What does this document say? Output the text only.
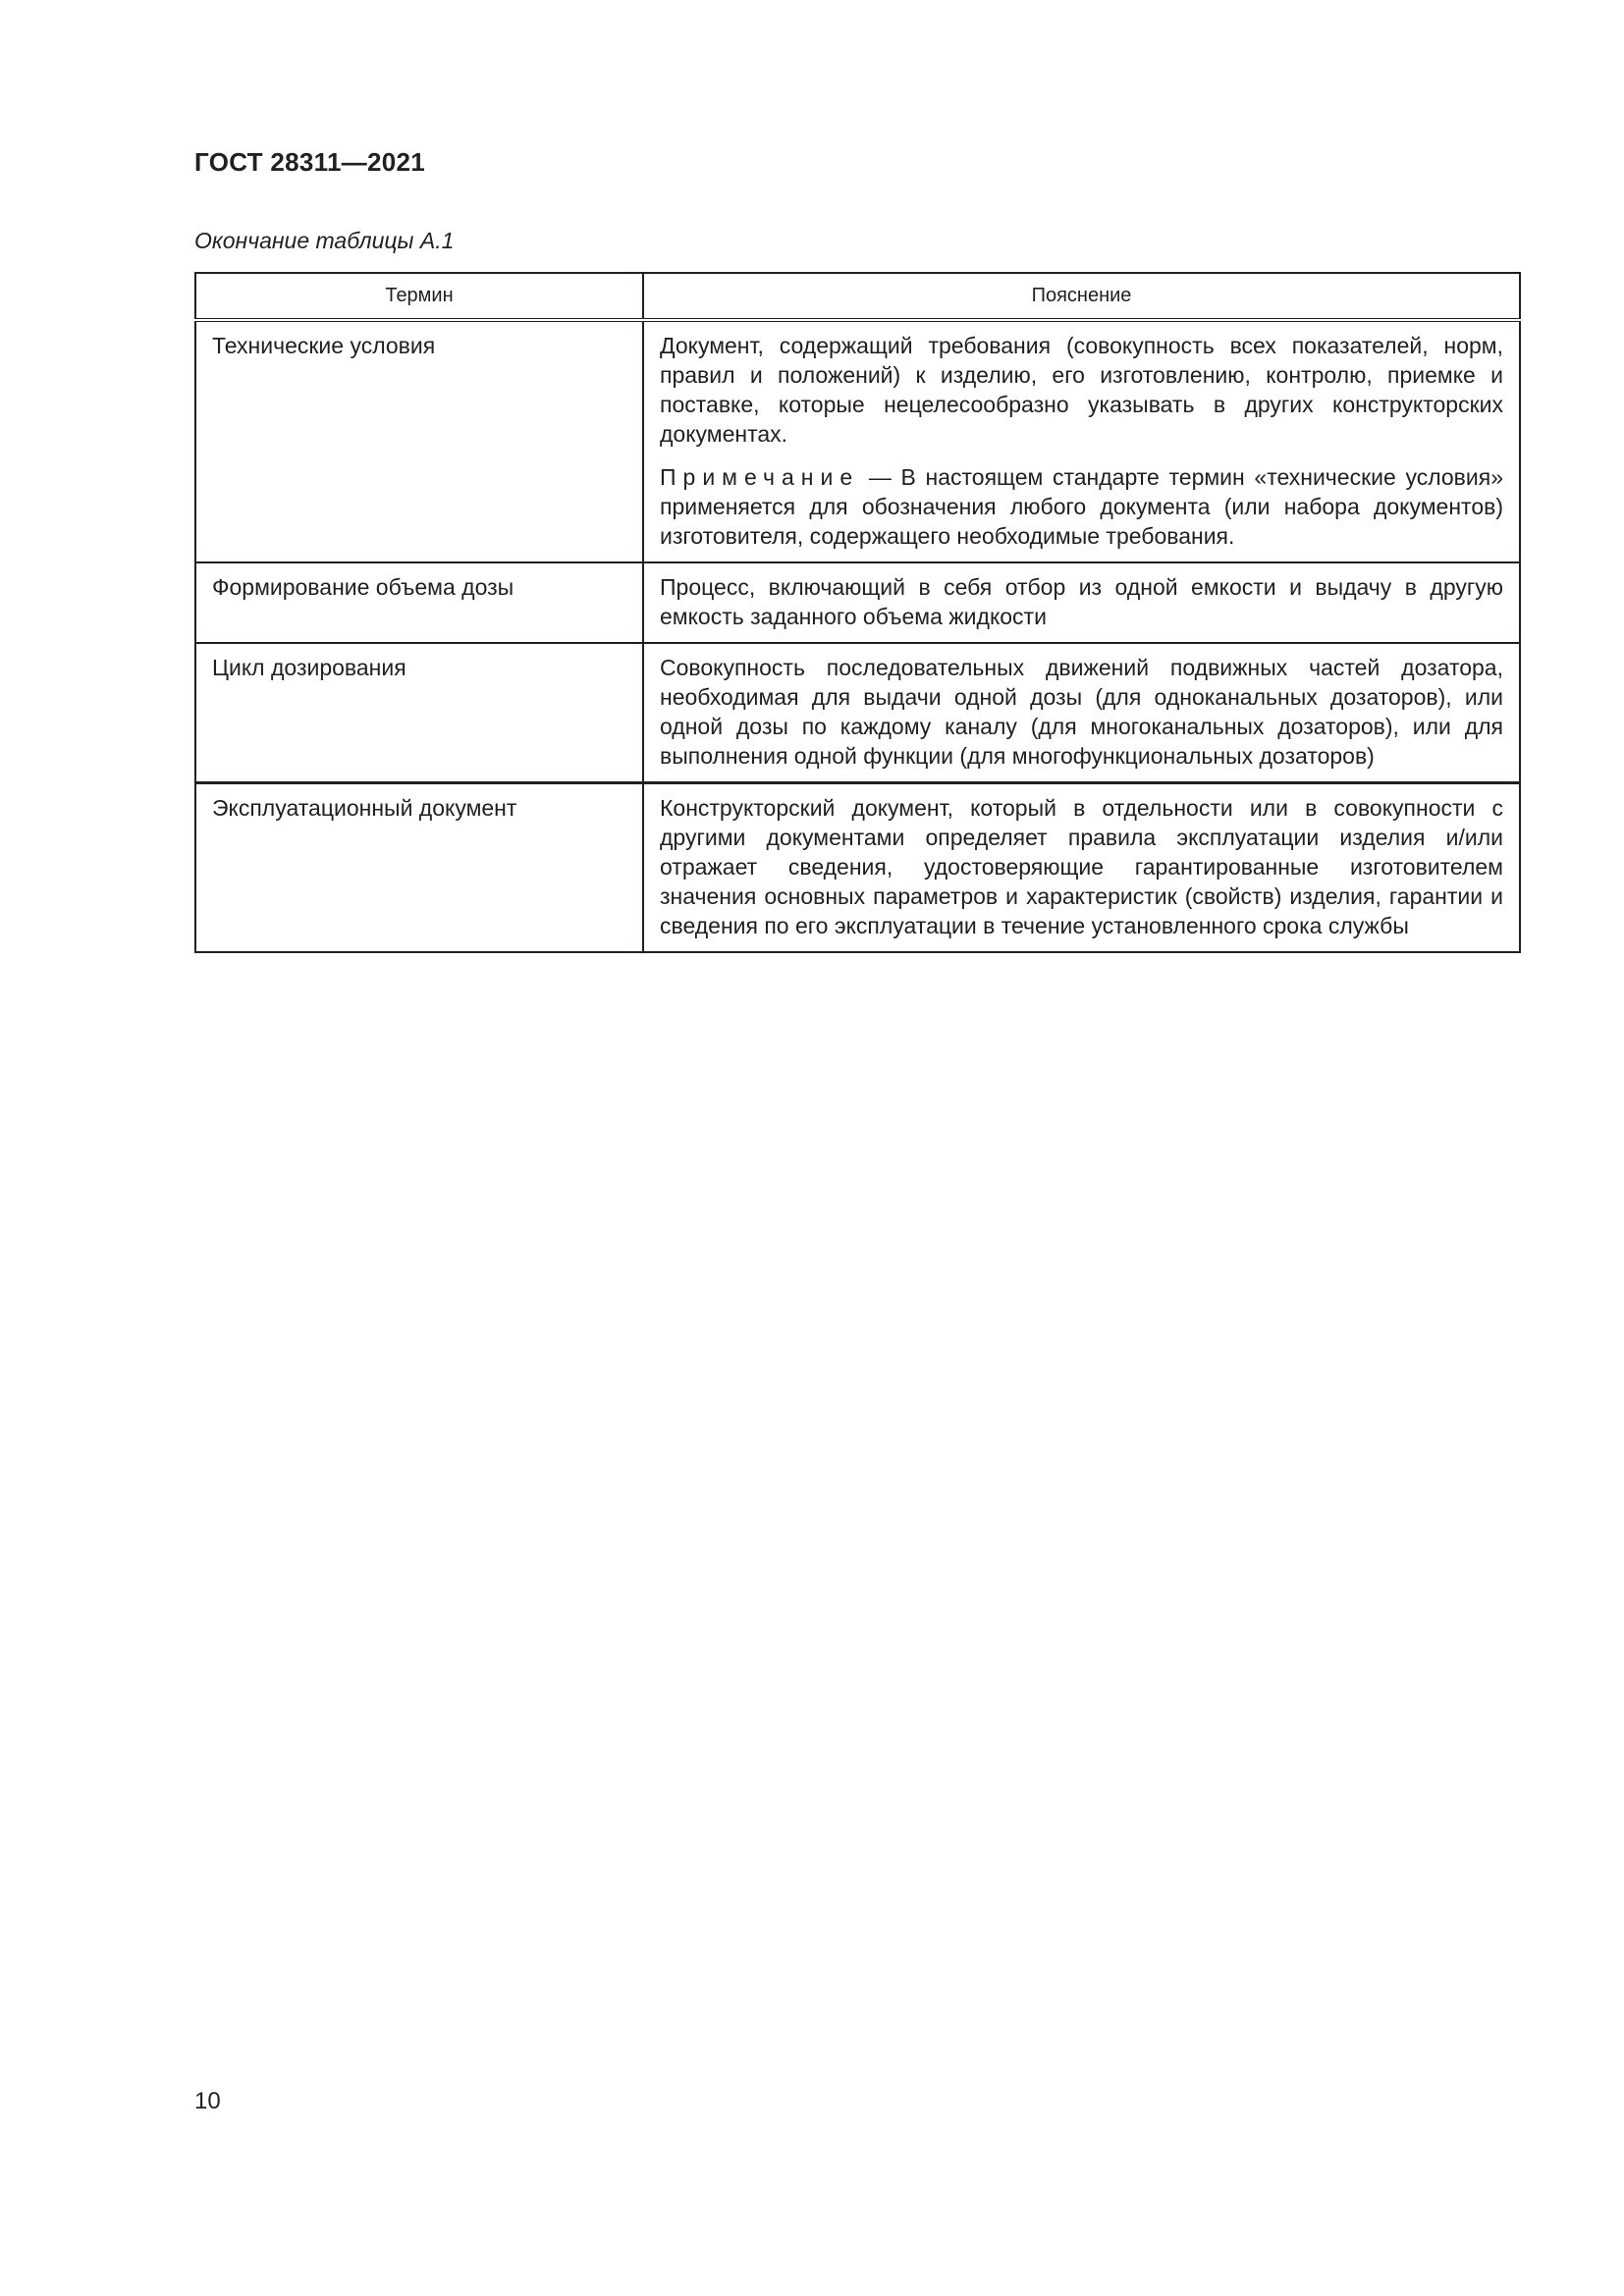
ГОСТ 28311—2021
Окончание таблицы А.1
Термин	Пояснение
Технические условия	Документ, содержащий требования (совокупность всех показателей, норм, правил и положений) к изделию, его изготовлению, контролю, приемке и поставке, которые нецелесообразно указывать в других конструкторских документах.

Примечание — В настоящем стандарте термин «технические условия» применяется для обозначения любого документа (или набора документов) изготовителя, содержащего необходимые требования.

Формирование объема дозы	Процесс, включающий в себя отбор из одной емкости и выдачу в другую емкость заданного объема жидкости

Цикл дозирования	Совокупность последовательных движений подвижных частей дозатора, необходимая для выдачи одной дозы (для одноканальных дозаторов), или одной дозы по каждому каналу (для многоканальных дозаторов), или для выполнения одной функции (для многофункциональных дозаторов)

Эксплуатационный документ	Конструкторский документ, который в отдельности или в совокупности с другими документами определяет правила эксплуатации изделия и/или отражает сведения, удостоверяющие гарантированные изготовителем значения основных параметров и характеристик (свойств) изделия, гарантии и сведения по его эксплуатации в течение установленного срока службы

10
